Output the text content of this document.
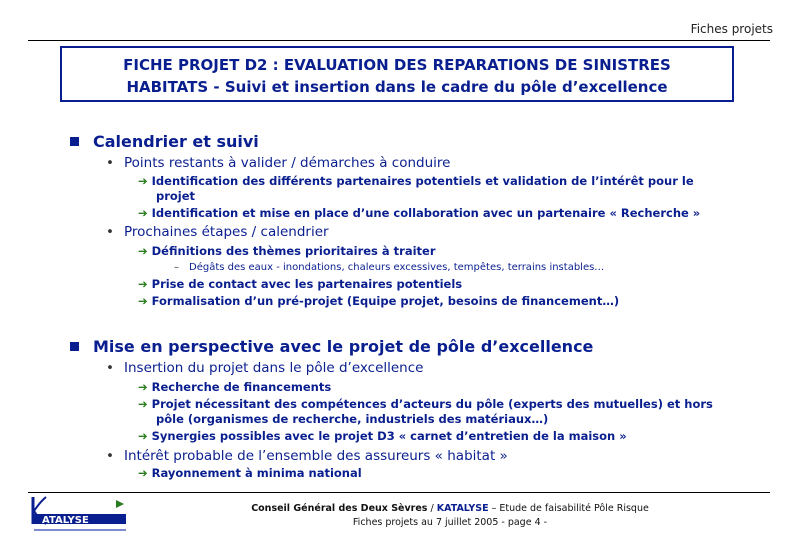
Fiches projets
FICHE PROJET D2 : EVALUATION DES REPARATIONS DE SINISTRES
HABITATS - Suivi et insertion dans le cadre du pôle d’excellence
Calendrier et suivi
• Points restants à valider / démarches à conduire
➔ Identification des différents partenaires potentiels et validation de l’intérêt pour le
projet
➔ Identification et mise en place d’une collaboration avec un partenaire « Recherche »
• Prochaines étapes / calendrier
➔ Définitions des thèmes prioritaires à traiter
– Dégâts des eaux - inondations, chaleurs excessives, tempêtes, terrains instables…
➔ Prise de contact avec les partenaires potentiels
➔ Formalisation d’un pré-projet (Equipe projet, besoins de financement…)
Mise en perspective avec le projet de pôle d’excellence
• Insertion du projet dans le pôle d’excellence
➔ Recherche de financements
➔ Projet nécessitant des compétences d’acteurs du pôle (experts des mutuelles) et hors
pôle (organismes de recherche, industriels des matériaux…)
➔ Synergies possibles avec le projet D3 « carnet d’entretien de la maison »
• Intérêt probable de l’ensemble des assureurs « habitat »
➔ Rayonnement à minima national
ATALYSE
Conseil Général des Deux Sèvres / KATALYSE – Etude de faisabilité Pôle Risque
Fiches projets au 7 juillet 2005 - page 4 -
